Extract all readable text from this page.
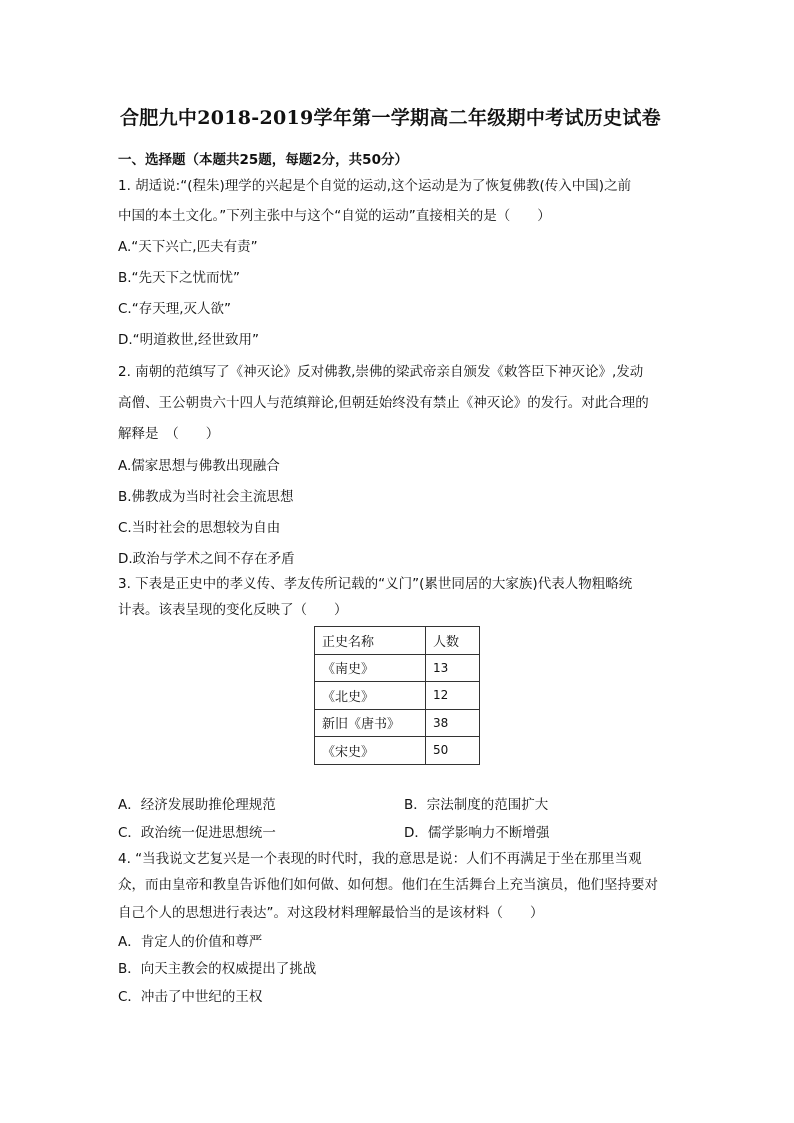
合肥九中2018-2019学年第一学期高二年级期中考试历史试卷
一、选择题（本题共25题，每题2分，共50分）
1. 胡适说:“(程朱)理学的兴起是个自觉的运动,这个运动是为了恢复佛教(传入中国)之前
中国的本土文化。”下列主张中与这个“自觉的运动”直接相关的是（　　）
A.“天下兴亡,匹夫有责”
B.“先天下之忧而忧”
C.“存天理,灭人欲”
D.“明道救世,经世致用”
2. 南朝的范缜写了《神灭论》反对佛教,崇佛的梁武帝亲自颁发《敕答臣下神灭论》,发动
高僧、王公朝贵六十四人与范缜辩论,但朝廷始终没有禁止《神灭论》的发行。对此合理的
解释是　（　　）
A.儒家思想与佛教出现融合
B.佛教成为当时社会主流思想
C.当时社会的思想较为自由
D.政治与学术之间不存在矛盾
3. 下表是正史中的孝义传、孝友传所记载的“义门”(累世同居的大家族)代表人物粗略统
计表。该表呈现的变化反映了（　　）
正史名称	人数
《南史》	13
《北史》	12
新旧《唐书》	38
《宋史》	50
A．经济发展助推伦理规范	B．宗法制度的范围扩大
C．政治统一促进思想统一	D．儒学影响力不断增强
4. “当我说文艺复兴是一个表现的时代时，我的意思是说：人们不再满足于坐在那里当观
众，而由皇帝和教皇告诉他们如何做、如何想。他们在生活舞台上充当演员，他们坚持要对
自己个人的思想进行表达”。对这段材料理解最恰当的是该材料（　　）
A．肯定人的价值和尊严
B．向天主教会的权威提出了挑战
C．冲击了中世纪的王权
